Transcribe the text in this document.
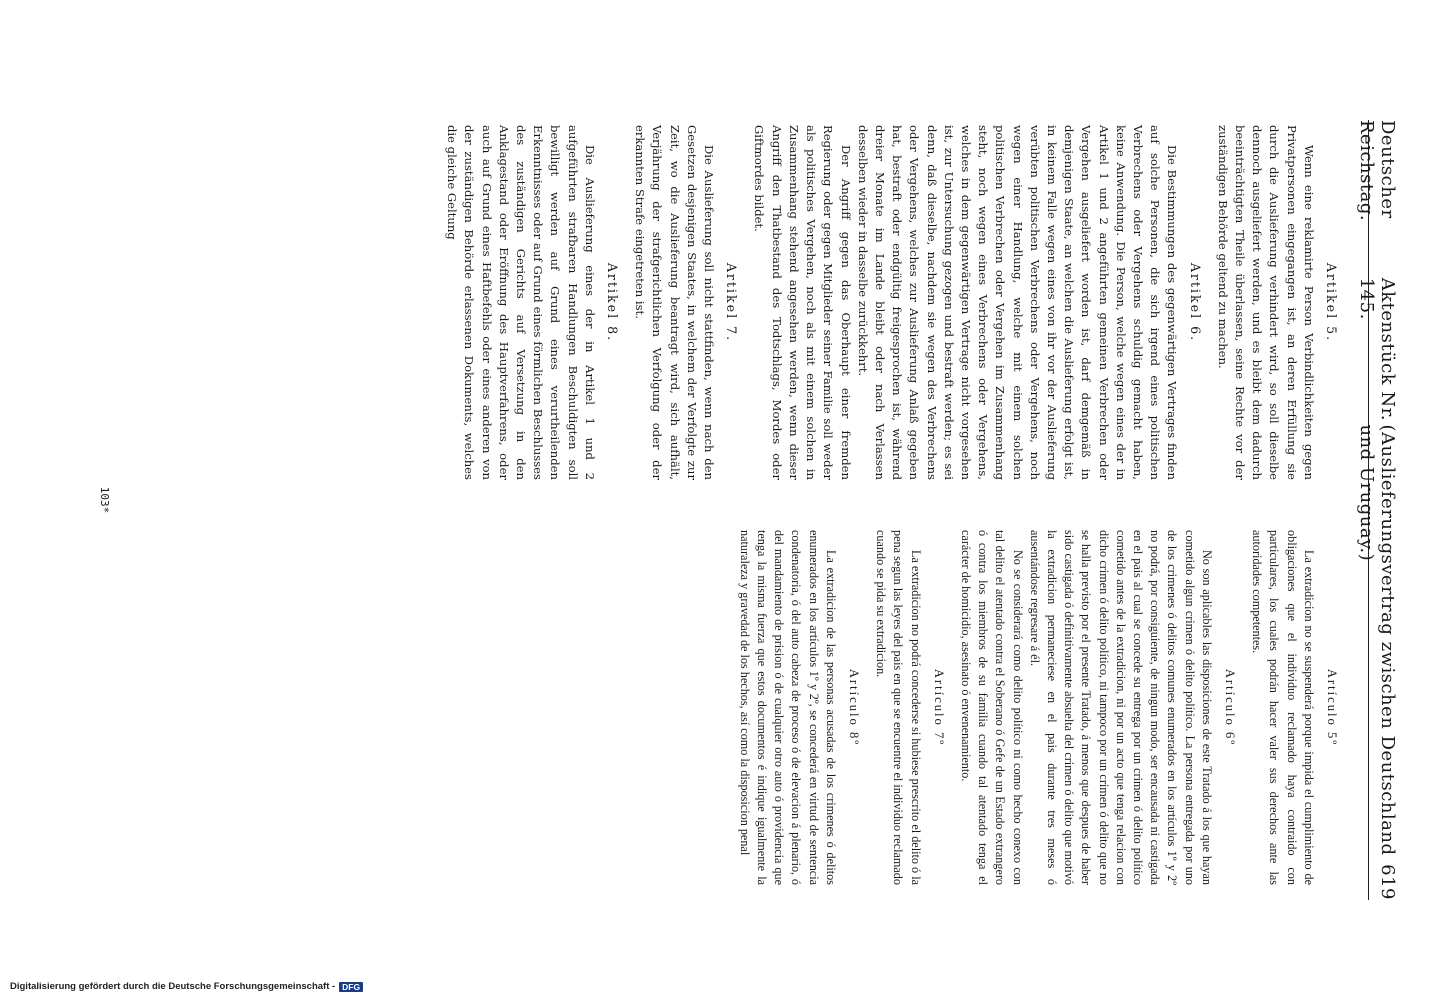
Deutscher Reichstag.
Aktenstück Nr. 145.
(Auslieferungsvertrag zwischen Deutschland und Uruguay.)
619
Artikel 5.

Wenn eine reklamirte Person Verbindlichkeiten gegen Privatpersonen eingegangen ist, an deren Erfüllung sie durch die Auslieferung verhindert wird, so soll dieselbe dennoch ausgeliefert werden, und es bleibt dem dadurch beeinträchtigten Theile überlassen, seine Rechte vor der zuständigen Behörde geltend zu machen.

Artikel 6.

Die Bestimmungen des gegenwärtigen Vertrages finden auf solche Personen, die sich irgend eines politischen Verbrechens oder Vergehens schuldig gemacht haben, keine Anwendung. Die Person, welche wegen eines der in Artikel 1 und 2 angeführten gemeinen Verbrechen oder Vergehen ausgeliefert worden ist, darf demgemäß in demjenigen Staate, an welchen die Auslieferung erfolgt ist, in keinem Falle wegen eines von ihr vor der Auslieferung verübten politischen Verbrechens oder Vergehens, noch wegen einer Handlung, welche mit einem solchen politischen Verbrechen oder Vergehen im Zusammenhang steht, noch wegen eines Verbrechens oder Vergehens, welches in dem gegenwärtigen Vertrage nicht vorgesehen ist, zur Untersuchung gezogen und bestraft werden; es sei denn, daß dieselbe, nachdem sie wegen des Verbrechens oder Vergehens, welches zur Auslieferung Anlaß gegeben hat, bestraft oder endgültig freigesprochen ist, während dreier Monate im Lande bleibt oder nach Verlassen desselben wieder in dasselbe zurückkehrt.

Der Angriff gegen das Oberhaupt einer fremden Regierung oder gegen Mitglieder seiner Familie soll weder als politisches Vergehen, noch als mit einem solchen in Zusammenhang stehend angesehen werden, wenn dieser Angriff den Thatbestand des Todtschlags, Mordes oder Giftmordes bildet.

Artikel 7.

Die Auslieferung soll nicht stattfinden, wenn nach den Gesetzen desjenigen Staates, in welchem der Verfolgte zur Zeit, wo die Auslieferung beantragt wird, sich aufhält, Verjährung der strafgerichtlichen Verfolgung oder der erkannten Strafe eingetreten ist.

Artikel 8.

Die Auslieferung eines der in Artikel 1 und 2 aufgeführten strafbaren Handlungen Beschuldigten soll bewilligt werden auf Grund eines verurtheilenden Erkenntnisses oder auf Grund eines förmlichen Beschlusses des zuständigen Gerichts auf Versetzung in den Anklagestand oder Eröffnung des Hauptverfahrens, oder auch auf Grund eines Haftbefehls oder eines anderen von der zuständigen Behörde erlassenen Dokuments, welches die gleiche Geltung

Artículo 5º

La extradicion no se suspenderá porque impida el cumplimiento de obligaciones que el individuo reclamado haya contraido con particulares, los cuales podrán hacer valer sus derechos ante las autoridades competentes.

Artículo 6º

No son aplicables las disposiciones de este Tratado á los que hayan cometido algun crimen ó delito político. La persona entregada por uno de los crimenes ó delitos comunes enumerados en los artículos 1º y 2º no podrá, por consiguiente, de ningun modo, ser encausada ni castigada en el pais al cual se concede su entrega por un crimen ó delito político cometido antes de la extradicion, ni por un acto que tenga relacion con dicho crimen ó delito político, ni tampoco por un crimen ó delito que no se halla previsto por el presente Tratado, á menos que despues de haber sido castigada ó definitivamente absuelta del crimen ó delito que motivó la extradicion permaneciese en el pais durante tres meses ó ausentándose regresare á él.

No se considerará como delito político ni como hecho conexo con tal delito el atentado contra el Soberano ó Gefe de un Estado extrangero ó contra los miembros de su familia cuando tal atentado tenga el carácter de homicidio, asesinato ó envenenamiento.

Artículo 7º

La extradicion no podrá concederse si hubiese prescrito el delito ó la pena segun las leyes del pais en que se encuentre el individuo reclamado cuando se pida su extradicion.

Artículo 8º

La extradicion de las personas acusadas de los crimenes ó delitos enumerados en los artículos 1º y 2º, se concederá en virtud de sentencia condenatoria, ó del auto cabeza de proceso ó de elevacion á plenario, ó del mandamiento de prision ó de cualquier otro auto ó providencia que tenga la misma fuerza que estos documentos é indique igualmente la naturaleza y gravedad de los hechos, así como la disposicion penal

103*
Digitalisierung gefördert durch die Deutsche Forschungsgemeinschaft - DFG
